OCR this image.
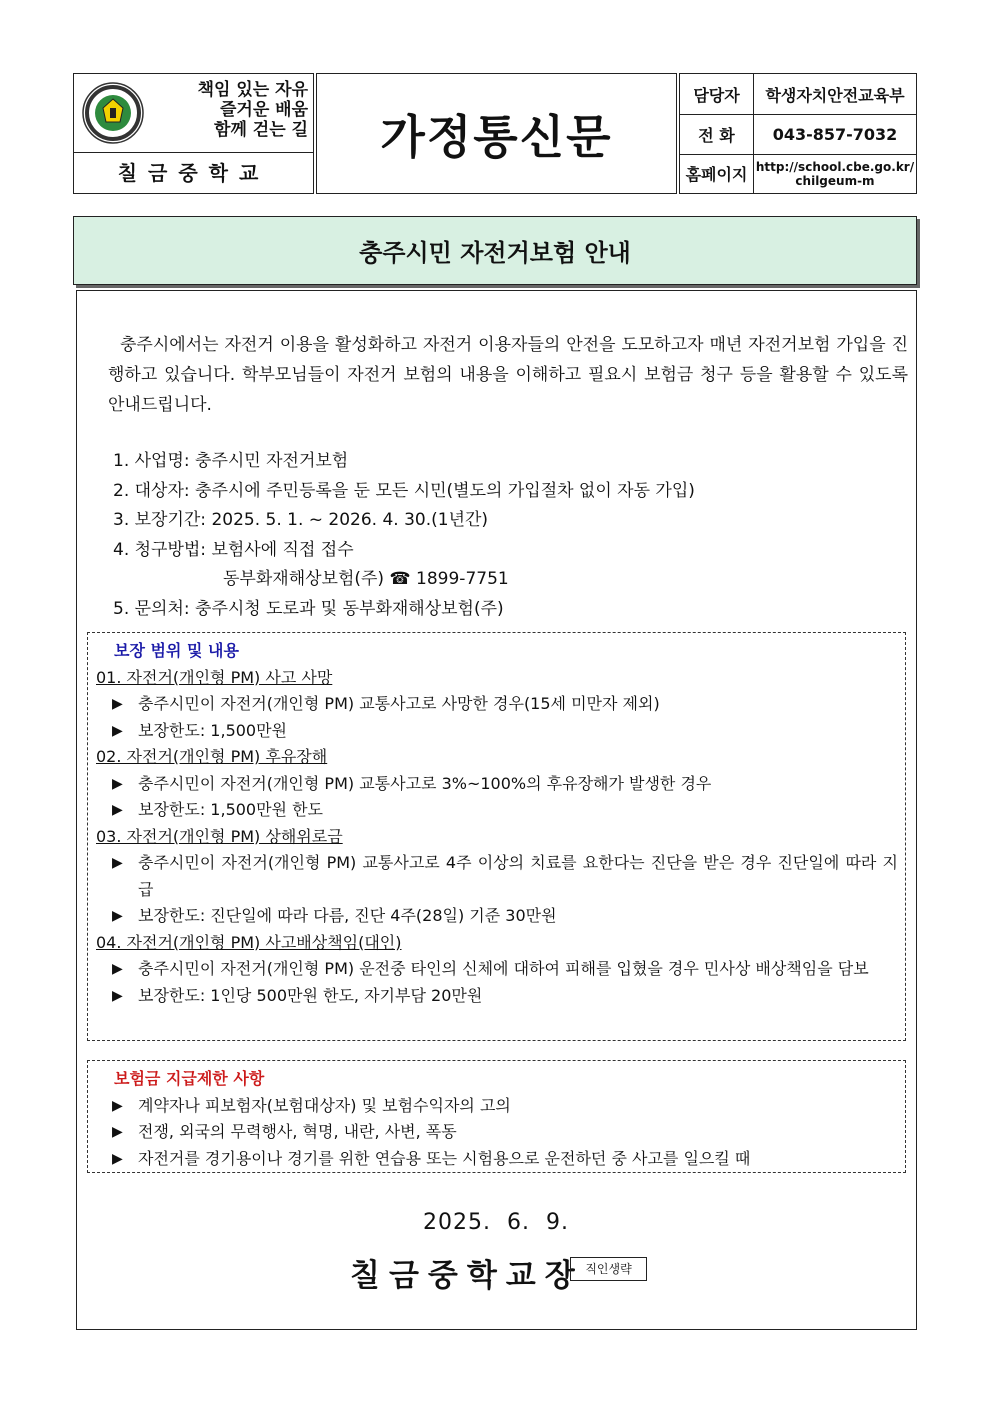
책임 있는 자유
즐거운 배움
함께 걷는 길
칠금중학교
가정통신문
담당자	학생자치안전교육부
전 화	043-857-7032
홈페이지 http://school.cbe.go.kr/
chilgeum-m
충주시민 자전거보험 안내
충주시에서는 자전거 이용을 활성화하고 자전거 이용자들의 안전을 도모하고자 매년 자전거보험 가입을 진행하고 있습니다. 학부모님들이 자전거 보험의 내용을 이해하고 필요시 보험금 청구 등을 활용할 수 있도록 안내드립니다.
1. 사업명: 충주시민 자전거보험
2. 대상자: 충주시에 주민등록을 둔 모든 시민(별도의 가입절차 없이 자동 가입)
3. 보장기간: 2025. 5. 1. ~ 2026. 4. 30.(1년간)
4. 청구방법: 보험사에 직접 접수
동부화재해상보험(주) ☎ 1899-7751
5. 문의처: 충주시청 도로과 및 동부화재해상보험(주)
보장 범위 및 내용
01. 자전거(개인형 PM) 사고 사망
▶ 충주시민이 자전거(개인형 PM) 교통사고로 사망한 경우(15세 미만자 제외)
▶ 보장한도: 1,500만원
02. 자전거(개인형 PM) 후유장해
▶ 충주시민이 자전거(개인형 PM) 교통사고로 3%~100%의 후유장해가 발생한 경우
▶ 보장한도: 1,500만원 한도
03. 자전거(개인형 PM) 상해위로금
▶ 충주시민이 자전거(개인형 PM) 교통사고로 4주 이상의 치료를 요한다는 진단을 받은 경우 진단일에 따라 지급
▶ 보장한도: 진단일에 따라 다름, 진단 4주(28일) 기준 30만원
04. 자전거(개인형 PM) 사고배상책임(대인)
▶ 충주시민이 자전거(개인형 PM) 운전중 타인의 신체에 대하여 피해를 입혔을 경우 민사상 배상책임을 담보
▶ 보장한도: 1인당 500만원 한도, 자기부담 20만원
보험금 지급제한 사항
▶ 계약자나 피보험자(보험대상자) 및 보험수익자의 고의
▶ 전쟁, 외국의 무력행사, 혁명, 내란, 사변, 폭동
▶ 자전거를 경기용이나 경기를 위한 연습용 또는 시험용으로 운전하던 중 사고를 일으킬 때
2025.  6.  9.
칠금중학교장 직인생략
